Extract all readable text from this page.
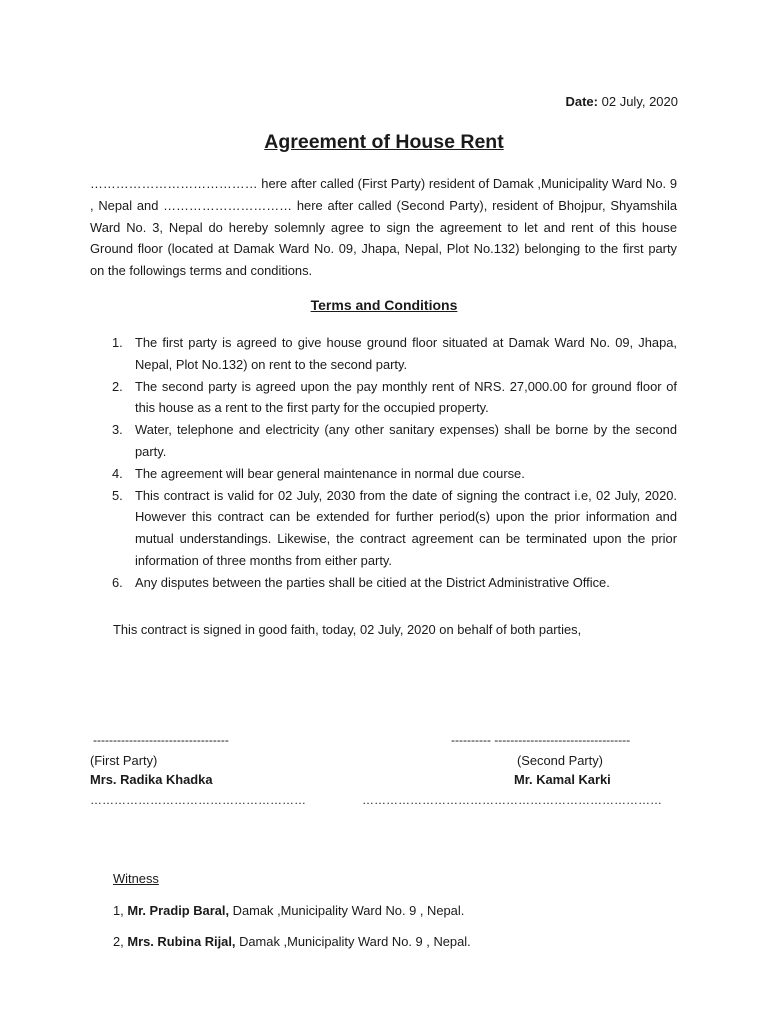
Date: 02 July, 2020
Agreement of House Rent

………………………………… here after called (First Party) resident of Damak ,Municipality Ward No. 9 , Nepal and ………………………… here after called (Second Party), resident of Bhojpur, Shyamshila Ward No. 3, Nepal do hereby solemnly agree to sign the agreement to let and rent of this house Ground floor (located at Damak Ward No. 09, Jhapa, Nepal, Plot No.132) belonging to the first party on the followings terms and conditions.

Terms and Conditions
1. The first party is agreed to give house ground floor situated at Damak Ward No. 09, Jhapa, Nepal, Plot No.132) on rent to the second party.
2. The second party is agreed upon the pay monthly rent of NRS. 27,000.00 for ground floor of this house as a rent to the first party for the occupied property.
3. Water, telephone and electricity (any other sanitary expenses) shall be borne by the second party.
4. The agreement will bear general maintenance in normal due course.
5. This contract is valid for 02 July, 2030 from the date of signing the contract i.e, 02 July, 2020. However this contract can be extended for further period(s) upon the prior information and mutual understandings. Likewise, the contract agreement can be terminated upon the prior information of three months from either party.
6. Any disputes between the parties shall be citied at the District Administrative Office.
This contract is signed in good faith, today, 02 July, 2020 on behalf of both parties,
----------------------------------	---------- ----------------------------------
(First Party)	(Second Party)
Mrs. Radika Khadka	Mr. Kamal Karki
………………………………………………	…………………………………………………………………
Witness
1, Mr. Pradip Baral, Damak ,Municipality Ward No. 9 , Nepal.
2, Mrs. Rubina Rijal, Damak ,Municipality Ward No. 9 , Nepal.
